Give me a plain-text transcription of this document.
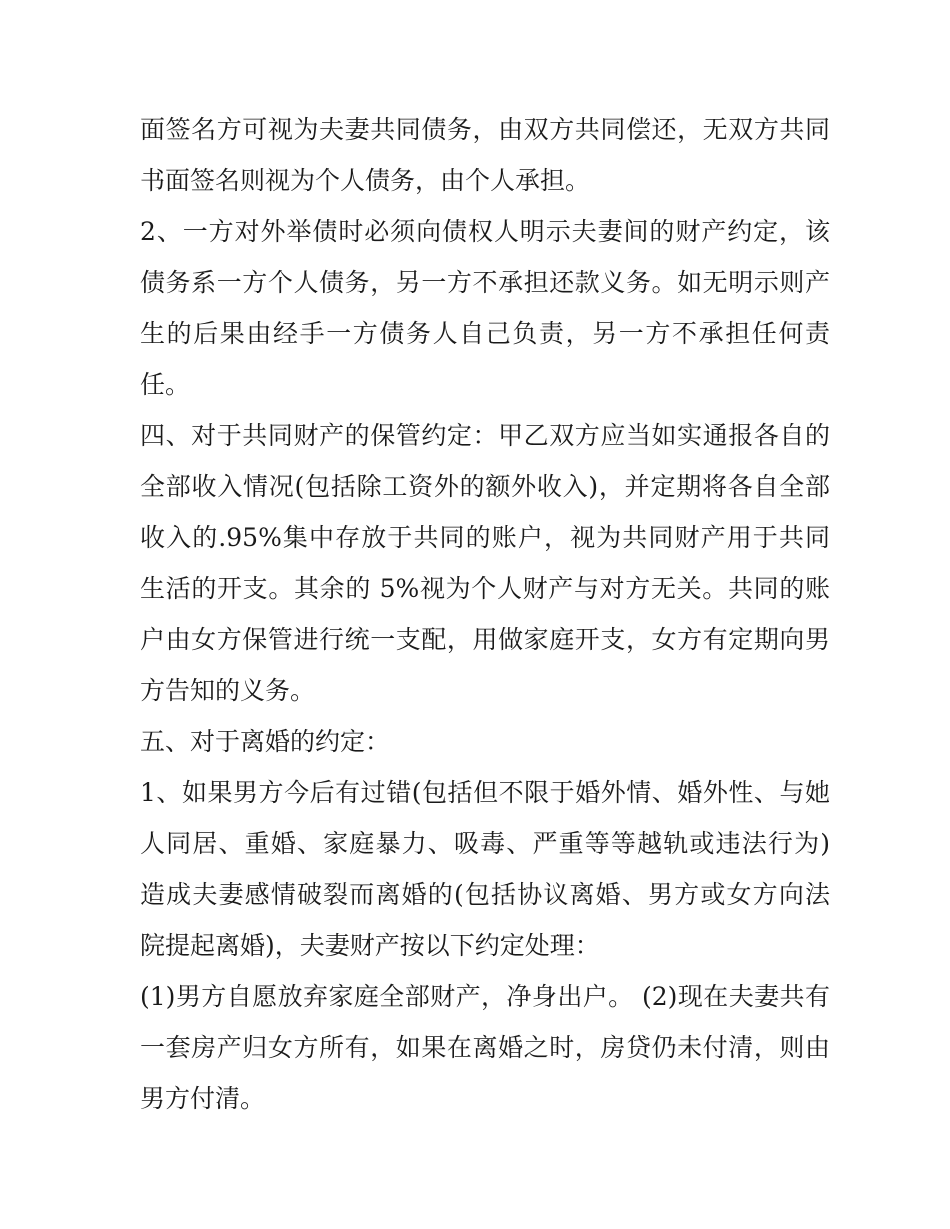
面签名方可视为夫妻共同债务，由双方共同偿还，无双方共同
书面签名则视为个人债务，由个人承担。
2、一方对外举债时必须向债权人明示夫妻间的财产约定，该
债务系一方个人债务，另一方不承担还款义务。如无明示则产
生的后果由经手一方债务人自己负责，另一方不承担任何责
任。
四、对于共同财产的保管约定：甲乙双方应当如实通报各自的
全部收入情况(包括除工资外的额外收入)，并定期将各自全部
收入的.95%集中存放于共同的账户，视为共同财产用于共同
生活的开支。其余的 5%视为个人财产与对方无关。共同的账
户由女方保管进行统一支配，用做家庭开支，女方有定期向男
方告知的义务。
五、对于离婚的约定：
1、如果男方今后有过错(包括但不限于婚外情、婚外性、与她
人同居、重婚、家庭暴力、吸毒、严重等等越轨或违法行为)
造成夫妻感情破裂而离婚的(包括协议离婚、男方或女方向法
院提起离婚)，夫妻财产按以下约定处理：
(1)男方自愿放弃家庭全部财产，净身出户。 (2)现在夫妻共有
一套房产归女方所有，如果在离婚之时，房贷仍未付清，则由
男方付清。
